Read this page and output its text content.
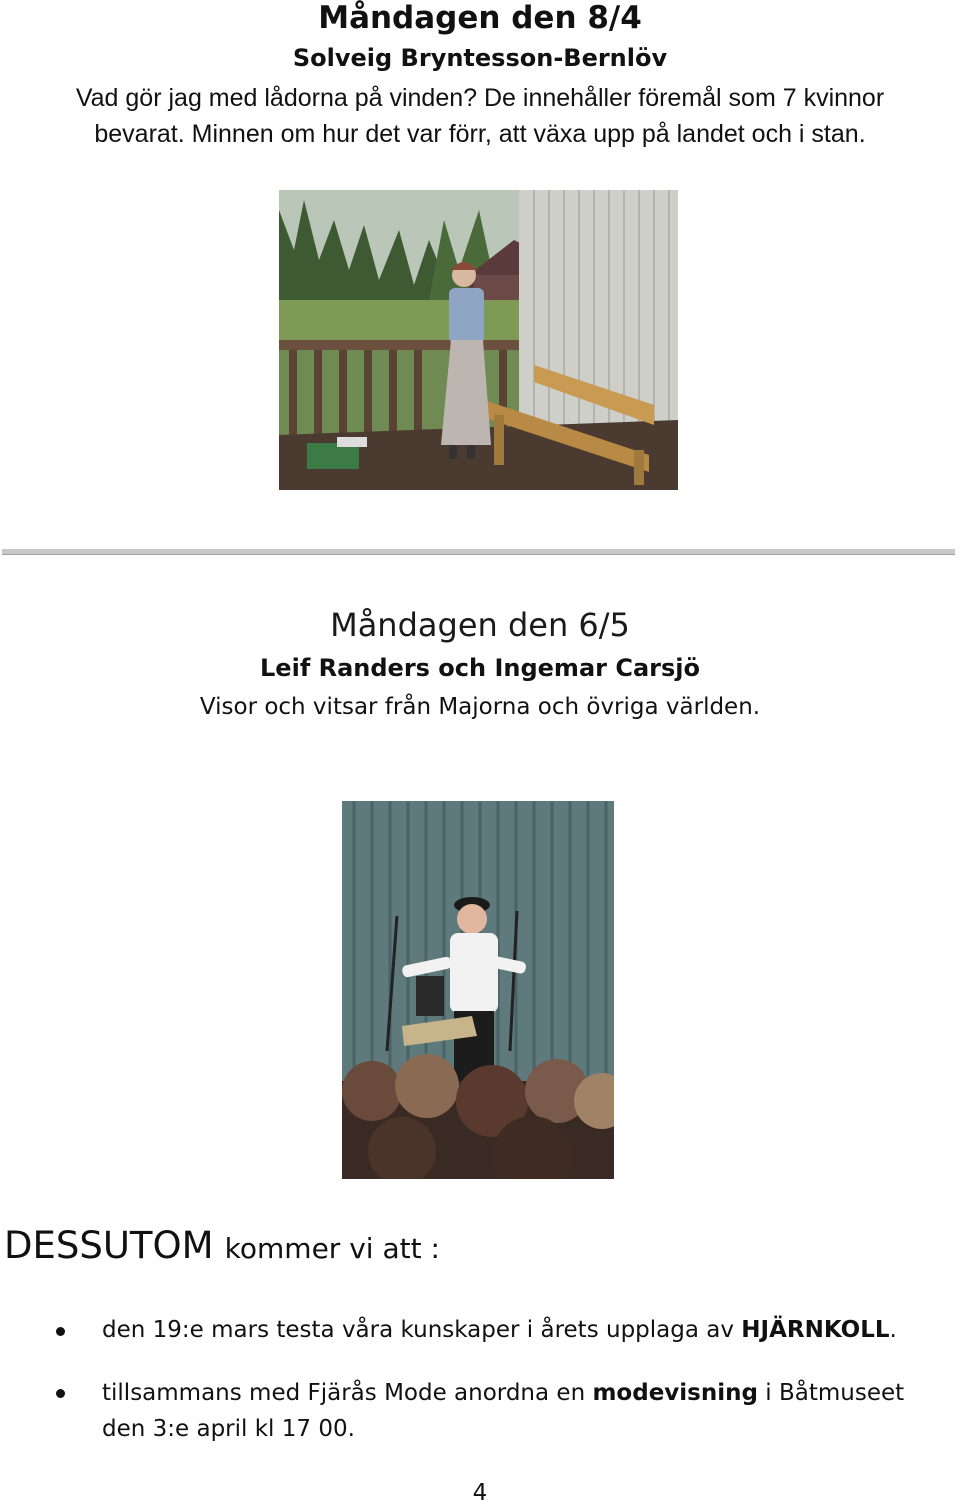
Måndagen den 8/4
Solveig Bryntesson-Bernlöv
Vad gör jag med lådorna på vinden? De innehåller föremål som 7 kvinnor
bevarat. Minnen om hur det var förr, att växa upp på landet och i stan.
Måndagen den 6/5
Leif Randers och Ingemar Carsjö
Visor och vitsar från Majorna och övriga världen.
DESSUTOM kommer vi att :
den 19:e mars testa våra kunskaper i årets upplaga av HJÄRNKOLL.
tillsammans med Fjärås Mode anordna en modevisning i Båtmuseet
den 3:e april kl 17 00.
4
